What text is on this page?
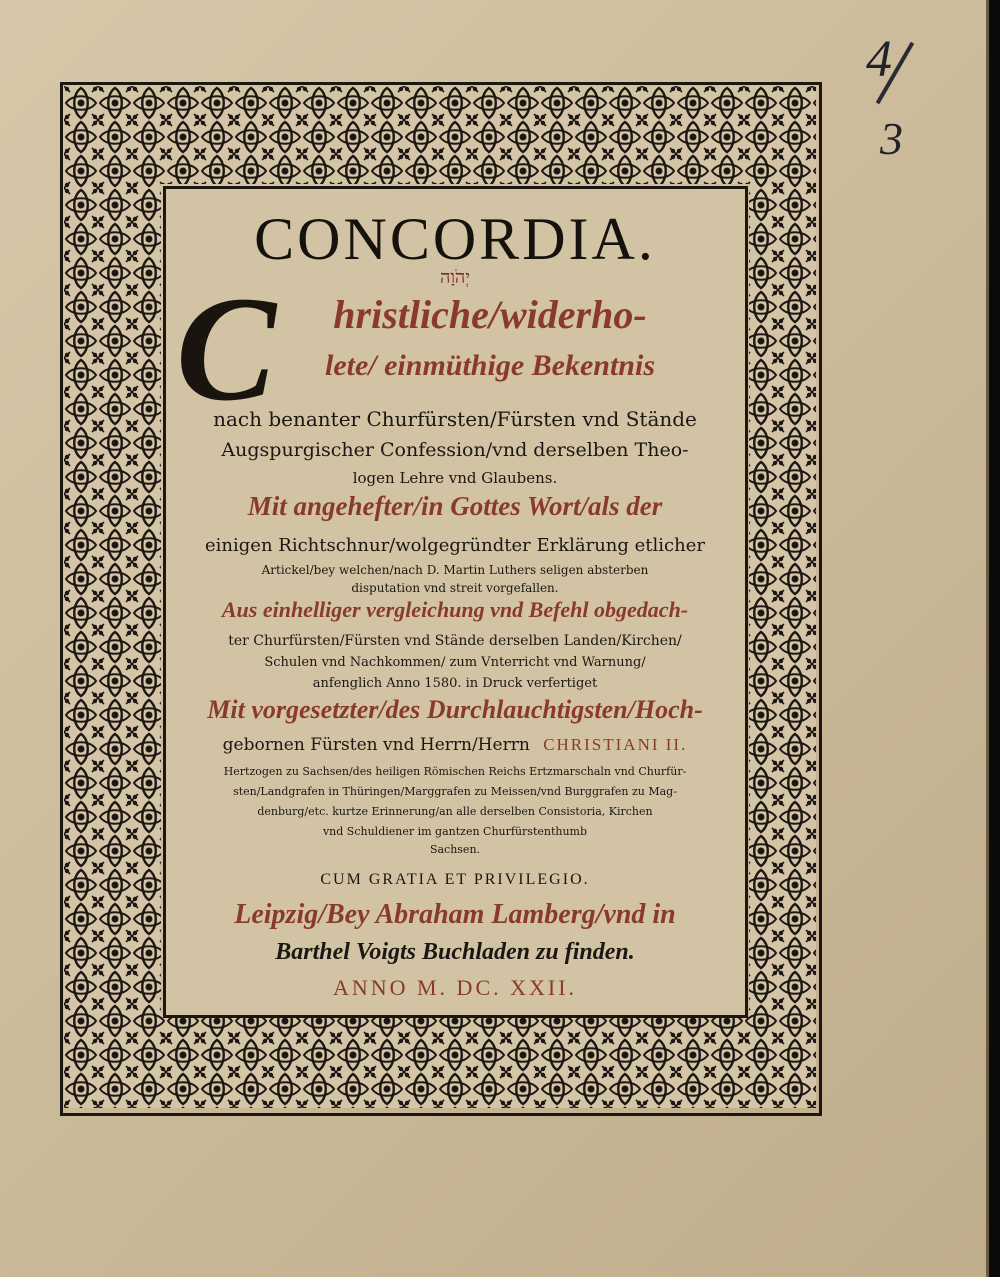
CONCORDIA.
יְהֹוָה
C	hristliche/widerho-
lete/ einmüthige Bekentnis
nach benanter Churfürsten/Fürsten vnd Stände
Augspurgischer Confession/vnd derselben Theo-
logen Lehre vnd Glaubens.
Mit angehefter/in Gottes Wort/als der
einigen Richtschnur/wolgegründter Erklärung etlicher
Artickel/bey welchen/nach D. Martin Luthers seligen absterben
disputation vnd streit vorgefallen.
Aus einhelliger vergleichung vnd Befehl obgedach-
ter Churfürsten/Fürsten vnd Stände derselben Landen/Kirchen/
Schulen vnd Nachkommen/ zum Vnterricht vnd Warnung/
anfenglich Anno 1580. in Druck verfertiget
Mit vorgesetzter/des Durchlauchtigsten/Hoch-
gebornen Fürsten vnd Herrn/Herrn CHRISTIANI II.
Hertzogen zu Sachsen/des heiligen Römischen Reichs Ertzmarschaln vnd Churfür-
sten/Landgrafen in Thüringen/Marggrafen zu Meissen/vnd Burggrafen zu Mag-
denburg/etc. kurtze Erinnerung/an alle derselben Consistoria, Kirchen
vnd Schuldiener im gantzen Churfürstenthumb
Sachsen.
CUM GRATIA ET PRIVILEGIO.
Leipzig/Bey Abraham Lamberg/vnd in
Barthel Voigts Buchladen zu finden.
ANNO M. DC. XXII.
4
3
